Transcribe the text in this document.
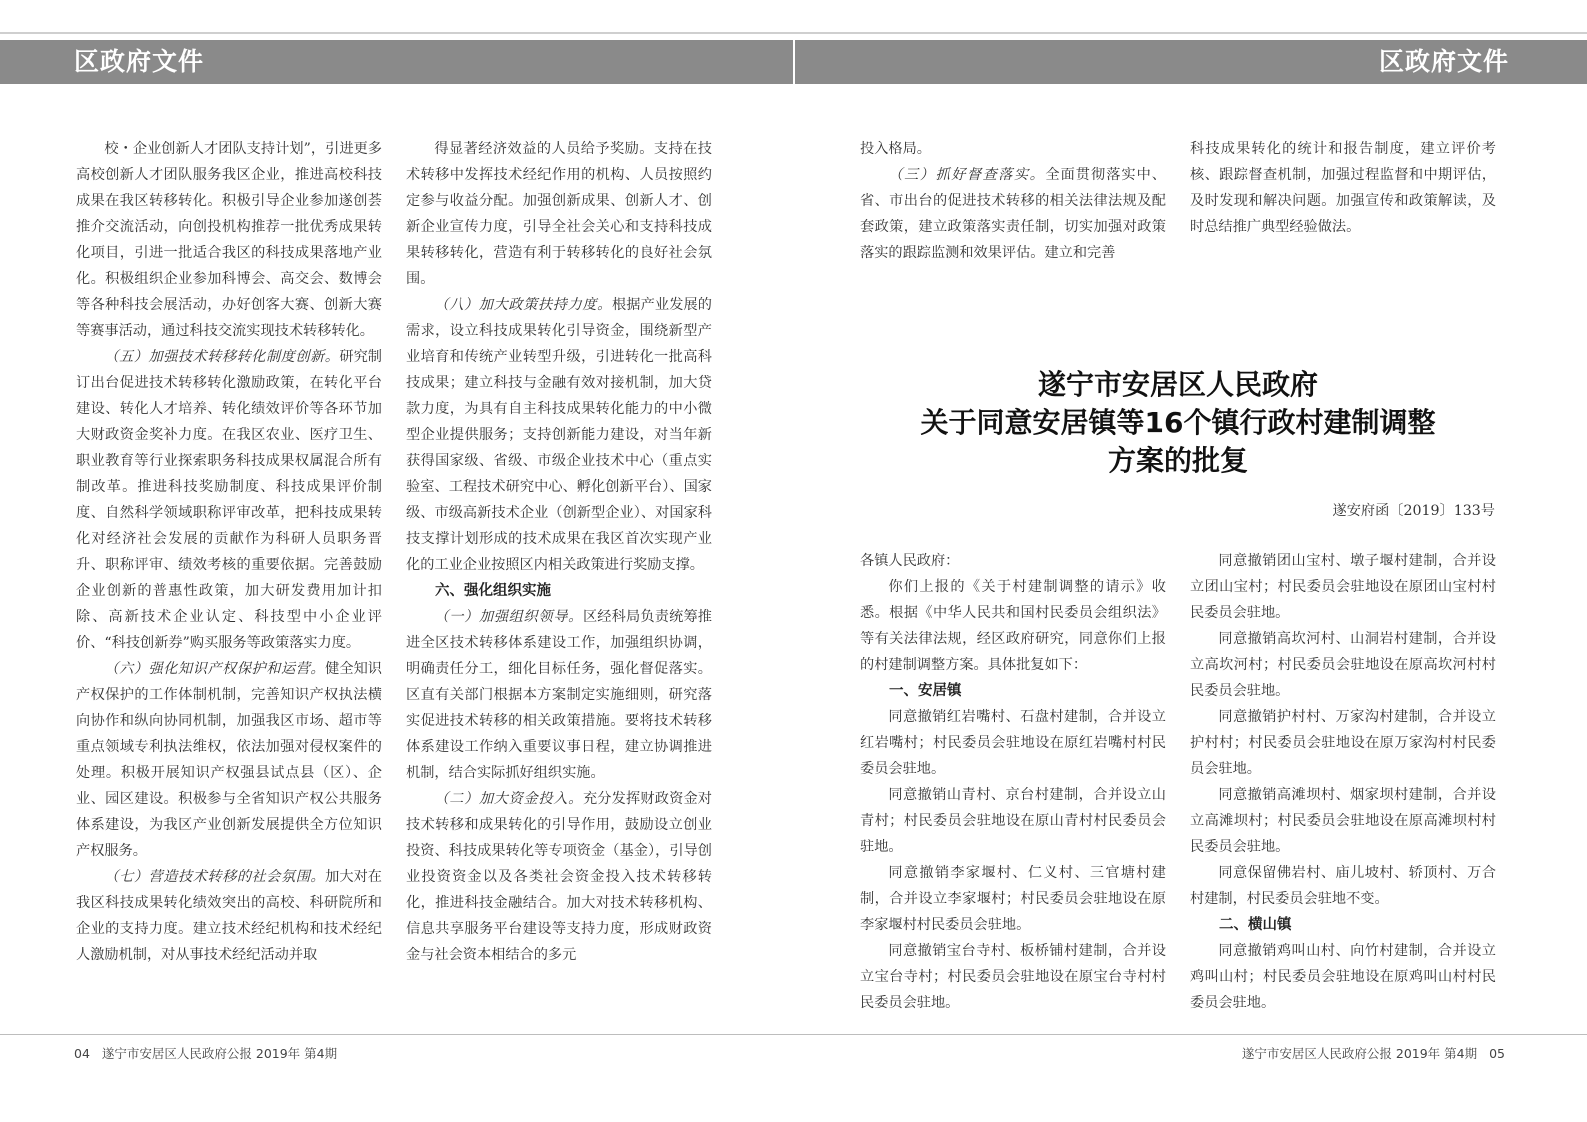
区政府文件	区政府文件

校・企业创新人才团队支持计划”，引进更多高校创新人才团队服务我区企业，推进高校科技成果在我区转移转化。积极引导企业参加遂创荟推介交流活动，向创投机构推荐一批优秀成果转化项目，引进一批适合我区的科技成果落地产业化。积极组织企业参加科博会、高交会、数博会等各种科技会展活动，办好创客大赛、创新大赛等赛事活动，通过科技交流实现技术转移转化。

（五）加强技术转移转化制度创新。研究制订出台促进技术转移转化激励政策，在转化平台建设、转化人才培养、转化绩效评价等各环节加大财政资金奖补力度。在我区农业、医疗卫生、职业教育等行业探索职务科技成果权属混合所有制改革。推进科技奖励制度、科技成果评价制度、自然科学领域职称评审改革，把科技成果转化对经济社会发展的贡献作为科研人员职务晋升、职称评审、绩效考核的重要依据。完善鼓励企业创新的普惠性政策，加大研发费用加计扣除、高新技术企业认定、科技型中小企业评价、“科技创新券”购买服务等政策落实力度。

（六）强化知识产权保护和运营。健全知识产权保护的工作体制机制，完善知识产权执法横向协作和纵向协同机制，加强我区市场、超市等重点领域专利执法维权，依法加强对侵权案件的处理。积极开展知识产权强县试点县（区）、企业、园区建设。积极参与全省知识产权公共服务体系建设，为我区产业创新发展提供全方位知识产权服务。

（七）营造技术转移的社会氛围。加大对在我区科技成果转化绩效突出的高校、科研院所和企业的支持力度。建立技术经纪机构和技术经纪人激励机制，对从事技术经纪活动并取

得显著经济效益的人员给予奖励。支持在技术转移中发挥技术经纪作用的机构、人员按照约定参与收益分配。加强创新成果、创新人才、创新企业宣传力度，引导全社会关心和支持科技成果转移转化，营造有利于转移转化的良好社会氛围。

（八）加大政策扶持力度。根据产业发展的需求，设立科技成果转化引导资金，围绕新型产业培育和传统产业转型升级，引进转化一批高科技成果；建立科技与金融有效对接机制，加大贷款力度，为具有自主科技成果转化能力的中小微型企业提供服务；支持创新能力建设，对当年新获得国家级、省级、市级企业技术中心（重点实验室、工程技术研究中心、孵化创新平台）、国家级、市级高新技术企业（创新型企业）、对国家科技支撑计划形成的技术成果在我区首次实现产业化的工业企业按照区内相关政策进行奖励支撑。

六、强化组织实施

（一）加强组织领导。区经科局负责统筹推进全区技术转移体系建设工作，加强组织协调，明确责任分工，细化目标任务，强化督促落实。区直有关部门根据本方案制定实施细则，研究落实促进技术转移的相关政策措施。要将技术转移体系建设工作纳入重要议事日程，建立协调推进机制，结合实际抓好组织实施。

（二）加大资金投入。充分发挥财政资金对技术转移和成果转化的引导作用，鼓励设立创业投资、科技成果转化等专项资金（基金），引导创业投资资金以及各类社会资金投入技术转移转化，推进科技金融结合。加大对技术转移机构、信息共享服务平台建设等支持力度，形成财政资金与社会资本相结合的多元

投入格局。

（三）抓好督查落实。全面贯彻落实中、省、市出台的促进技术转移的相关法律法规及配套政策，建立政策落实责任制，切实加强对政策落实的跟踪监测和效果评估。建立和完善

科技成果转化的统计和报告制度，建立评价考核、跟踪督查机制，加强过程监督和中期评估，及时发现和解决问题。加强宣传和政策解读，及时总结推广典型经验做法。

遂宁市安居区人民政府
关于同意安居镇等16个镇行政村建制调整
方案的批复
遂安府函〔2019〕133号

各镇人民政府：

你们上报的《关于村建制调整的请示》收悉。根据《中华人民共和国村民委员会组织法》等有关法律法规，经区政府研究，同意你们上报的村建制调整方案。具体批复如下：

一、安居镇

同意撤销红岩嘴村、石盘村建制，合并设立红岩嘴村；村民委员会驻地设在原红岩嘴村村民委员会驻地。

同意撤销山青村、京台村建制，合并设立山青村；村民委员会驻地设在原山青村村民委员会驻地。

同意撤销李家堰村、仁义村、三官塘村建制，合并设立李家堰村；村民委员会驻地设在原李家堰村村民委员会驻地。

同意撤销宝台寺村、板桥铺村建制，合并设立宝台寺村；村民委员会驻地设在原宝台寺村村民委员会驻地。

同意撤销团山宝村、墩子堰村建制，合并设立团山宝村；村民委员会驻地设在原团山宝村村民委员会驻地。

同意撤销高坎河村、山洞岩村建制，合并设立高坎河村；村民委员会驻地设在原高坎河村村民委员会驻地。

同意撤销护村村、万家沟村建制，合并设立护村村；村民委员会驻地设在原万家沟村村民委员会驻地。

同意撤销高滩坝村、烟家坝村建制，合并设立高滩坝村；村民委员会驻地设在原高滩坝村村民委员会驻地。

同意保留佛岩村、庙儿坡村、轿顶村、万合村建制，村民委员会驻地不变。

二、横山镇

同意撤销鸡叫山村、向竹村建制，合并设立鸡叫山村；村民委员会驻地设在原鸡叫山村村民委员会驻地。

04 遂宁市安居区人民政府公报 2019年 第4期	遂宁市安居区人民政府公报 2019年 第4期 05
